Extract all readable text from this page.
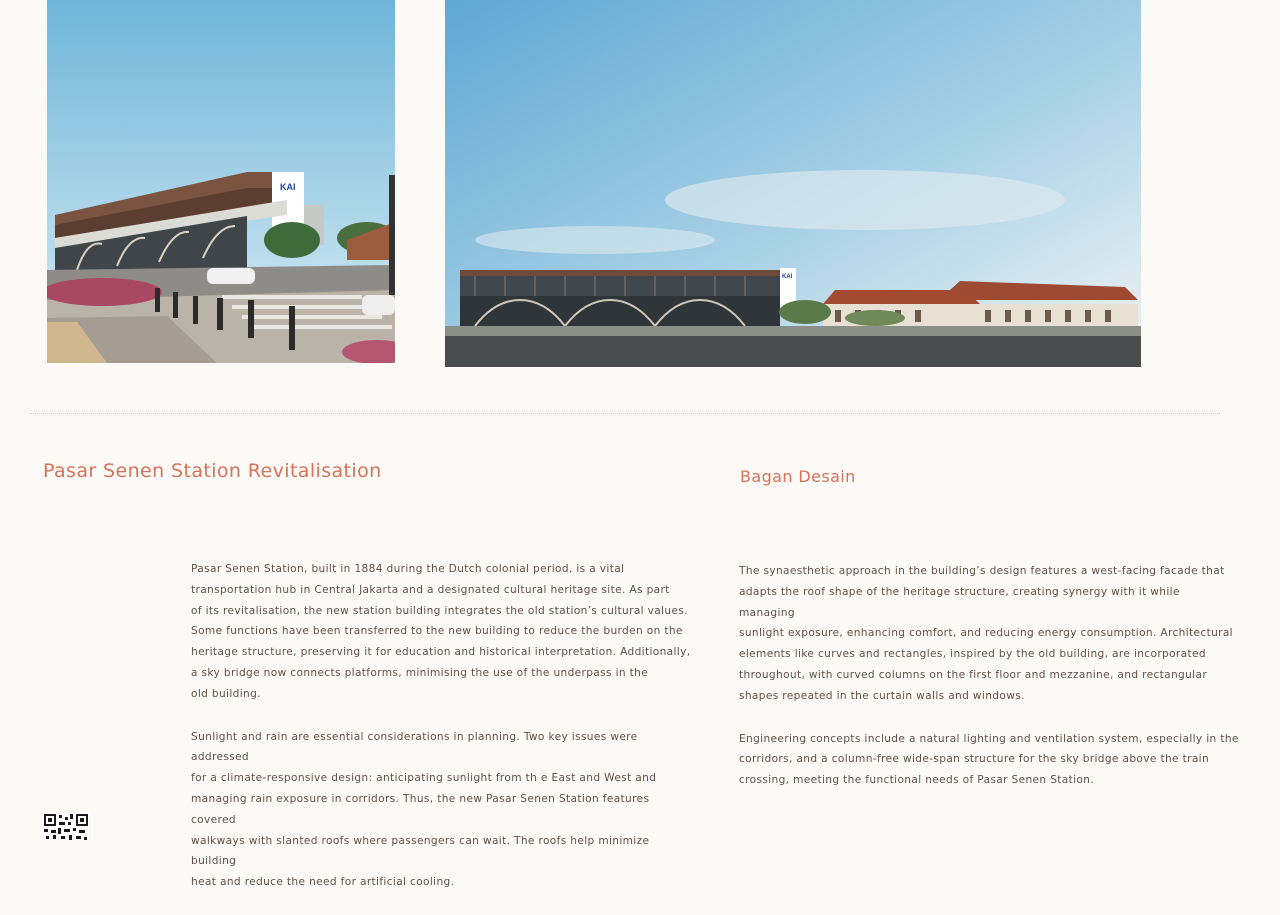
KAI
KAI
Pasar Senen Station Revitalisation	Bagan Desain

Pasar Senen Station, built in 1884 during the Dutch colonial period, is a vital
transportation hub in Central Jakarta and a designated cultural heritage site. As part
of its revitalisation, the new station building integrates the old station’s cultural values.
Some functions have been transferred to the new building to reduce the burden on the
heritage structure, preserving it for education and historical interpretation. Additionally,
a sky bridge now connects platforms, minimising the use of the underpass in the
old building.

Sunlight and rain are essential considerations in planning. Two key issues were addressed
for a climate-responsive design: anticipating sunlight from th e East and West and
managing rain exposure in corridors. Thus, the new Pasar Senen Station features covered
walkways with slanted roofs where passengers can wait. The roofs help minimize building
heat and reduce the need for artificial cooling.

The synaesthetic approach in the building’s design features a west-facing facade that
adapts the roof shape of the heritage structure, creating synergy with it while managing
sunlight exposure, enhancing comfort, and reducing energy consumption. Architectural
elements like curves and rectangles, inspired by the old building, are incorporated
throughout, with curved columns on the first floor and mezzanine, and rectangular
shapes repeated in the curtain walls and windows.

Engineering concepts include a natural lighting and ventilation system, especially in the
corridors, and a column-free wide-span structure for the sky bridge above the train
crossing, meeting the functional needs of Pasar Senen Station.
